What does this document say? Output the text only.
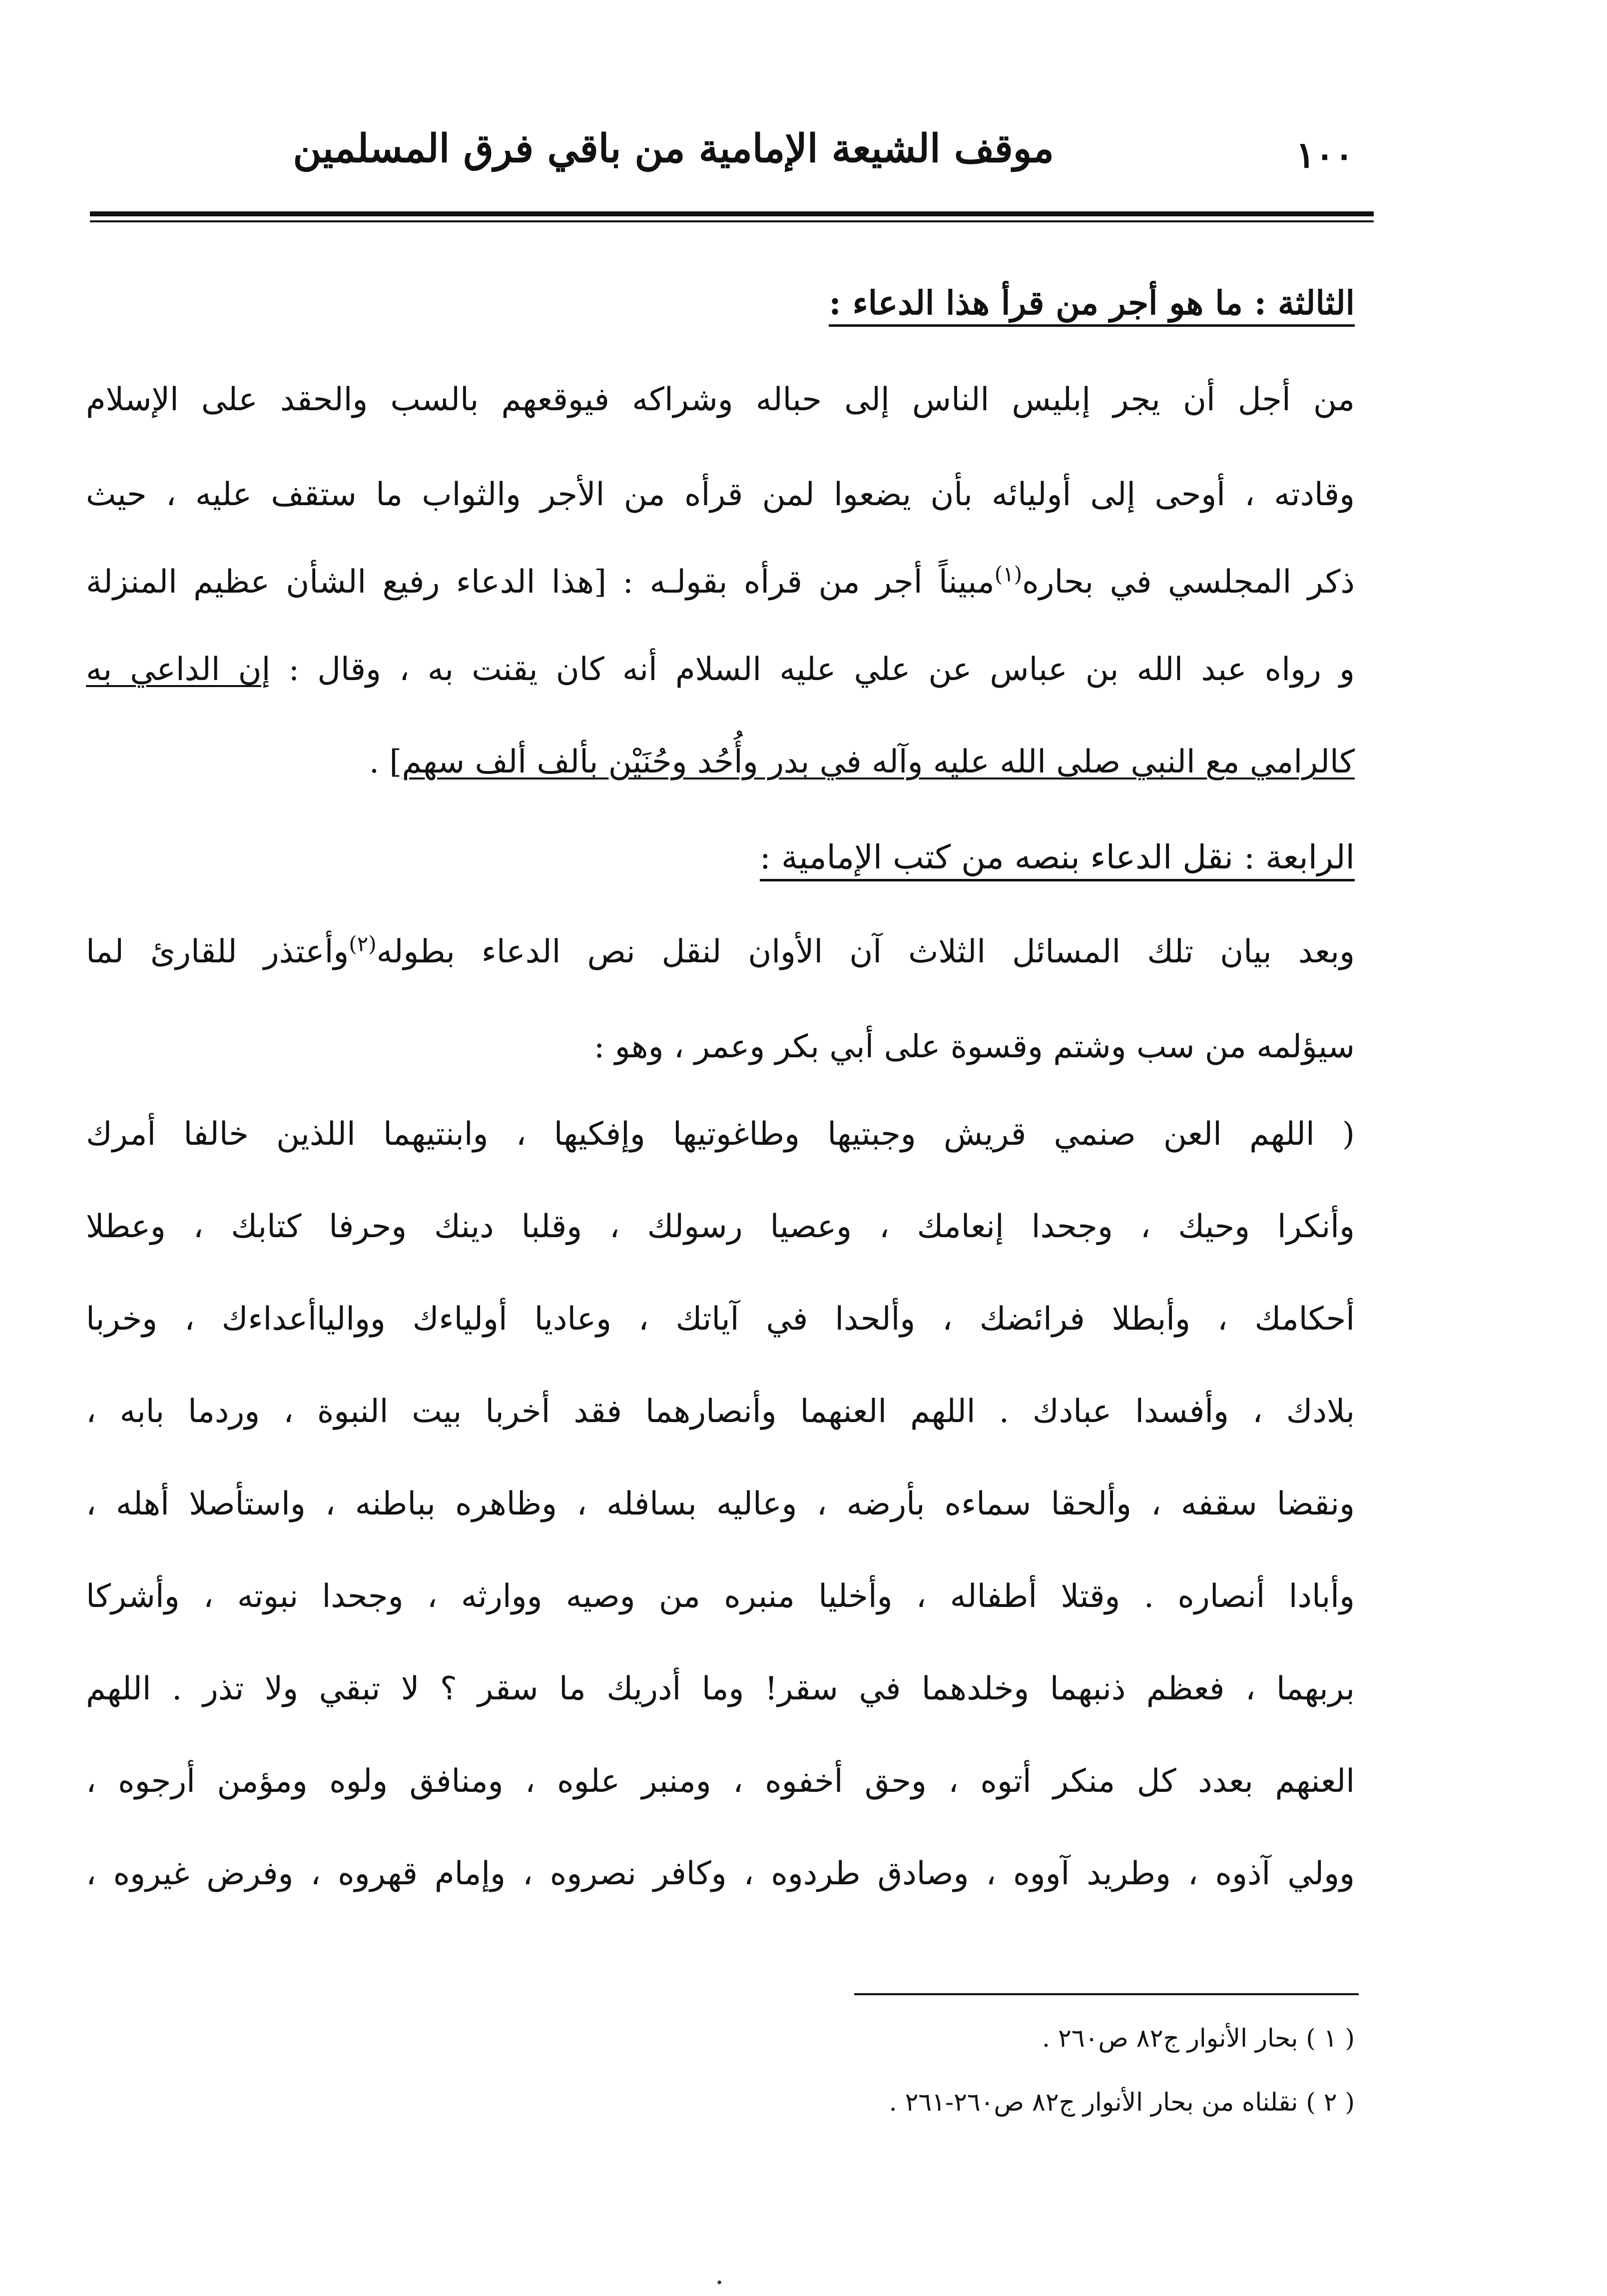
١٠٠
موقف الشيعة الإمامية من باقي فرق المسلمين
الثالثة : ما هو أجر من قرأ هذا الدعاء :
من أجل أن يجر إبليس الناس إلى حباله وشراكه فيوقعهم بالسب والحقد على الإسلام
وقادته ، أوحى إلى أوليائه بأن يضعوا لمن قرأه من الأجر والثواب ما ستقف عليه ، حيث
ذكر المجلسي في بحاره$^{(١)}$مبيناً أجر من قرأه بقولـه : [هذا الدعاء رفيع الشأن عظيم المنزلة
و رواه عبد الله بن عباس عن علي عليه السلام أنه كان يقنت به ، وقال : إن الداعي به
كالرامي مع النبي صلى الله عليه وآله في بدر وأُحُد وحُنَيْن بألف ألف سهم] .
الرابعة : نقل الدعاء بنصه من كتب الإمامية :
وبعد بيان تلك المسائل الثلاث آن الأوان لنقل نص الدعاء بطوله$^{(٢)}$وأعتذر للقارئ لما
سيؤلمه من سب وشتم وقسوة على أبي بكر وعمر ، وهو :
( اللهم العن صنمي قريش وجبتيها وطاغوتيها وإفكيها ، وابنتيهما اللذين خالفا أمرك
وأنكرا وحيك ، وجحدا إنعامك ، وعصيا رسولك ، وقلبا دينك وحرفا كتابك ، وعطلا
أحكامك ، وأبطلا فرائضك ، وألحدا في آياتك ، وعاديا أولياءك ووالياأعداءك ، وخربا
بلادك ، وأفسدا عبادك . اللهم العنهما وأنصارهما فقد أخربا بيت النبوة ، وردما بابه ،
ونقضا سقفه ، وألحقا سماءه بأرضه ، وعاليه بسافله ، وظاهره بباطنه ، واستأصلا أهله ،
وأبادا أنصاره . وقتلا أطفاله ، وأخليا منبره من وصيه ووارثه ، وجحدا نبوته ، وأشركا
بربهما ، فعظم ذنبهما وخلدهما في سقر! وما أدريك ما سقر ؟ لا تبقي ولا تذر . اللهم
العنهم بعدد كل منكر أتوه ، وحق أخفوه ، ومنبر علوه ، ومنافق ولوه ومؤمن أرجوه ،
وولي آذوه ، وطريد آووه ، وصادق طردوه ، وكافر نصروه ، وإمام قهروه ، وفرض غيروه ،
( ١ ) بحار الأنوار ج٨٢ ص٢٦٠ .
( ٢ ) نقلناه من بحار الأنوار ج٨٢ ص٢٦٠-٢٦١ .
·
